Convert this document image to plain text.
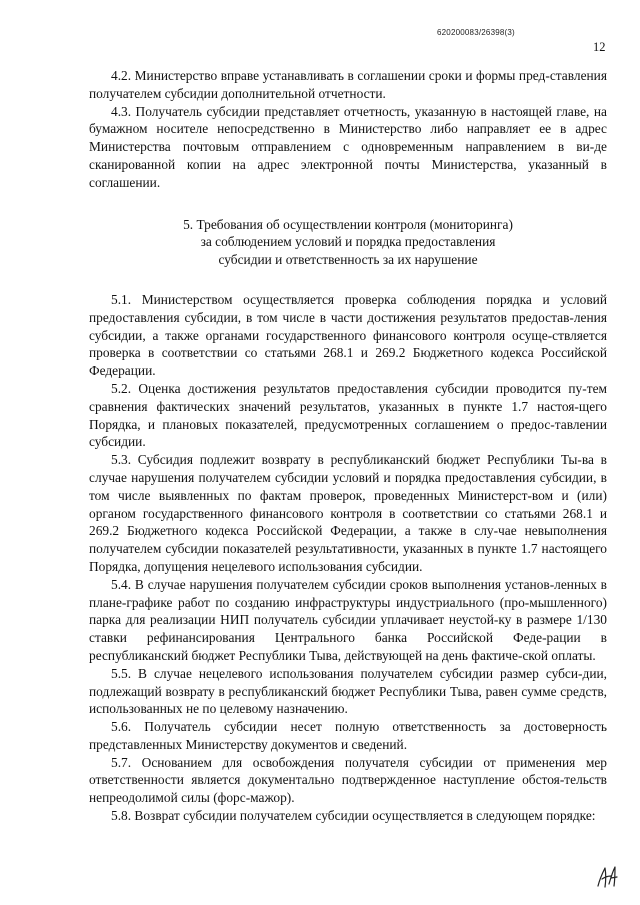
620200083/26398(3)
12

4.2. Министерство вправе устанавливать в соглашении сроки и формы пред-ставления получателем субсидии дополнительной отчетности.

4.3. Получатель субсидии представляет отчетность, указанную в настоящей главе, на бумажном носителе непосредственно в Министерство либо направляет ее в адрес Министерства почтовым отправлением с одновременным направлением в ви-де сканированной копии на адрес электронной почты Министерства, указанный в соглашении.

5. Требования об осуществлении контроля (мониторинга)
за соблюдением условий и порядка предоставления
субсидии и ответственность за их нарушение

5.1. Министерством осуществляется проверка соблюдения порядка и условий предоставления субсидии, в том числе в части достижения результатов предостав-ления субсидии, а также органами государственного финансового контроля осуще-ствляется проверка в соответствии со статьями 268.1 и 269.2 Бюджетного кодекса Российской Федерации.

5.2. Оценка достижения результатов предоставления субсидии проводится пу-тем сравнения фактических значений результатов, указанных в пункте 1.7 настоя-щего Порядка, и плановых показателей, предусмотренных соглашением о предос-тавлении субсидии.

5.3. Субсидия подлежит возврату в республиканский бюджет Республики Ты-ва в случае нарушения получателем субсидии условий и порядка предоставления субсидии, в том числе выявленных по фактам проверок, проведенных Министерст-вом и (или) органом государственного финансового контроля в соответствии со статьями 268.1 и 269.2 Бюджетного кодекса Российской Федерации, а также в слу-чае невыполнения получателем субсидии показателей результативности, указанных в пункте 1.7 настоящего Порядка, допущения нецелевого использования субсидии.

5.4. В случае нарушения получателем субсидии сроков выполнения установ-ленных в плане-графике работ по созданию инфраструктуры индустриального (про-мышленного) парка для реализации НИП получатель субсидии уплачивает неустой-ку в размере 1/130 ставки рефинансирования Центрального банка Российской Феде-рации в республиканский бюджет Республики Тыва, действующей на день фактиче-ской оплаты.

5.5. В случае нецелевого использования получателем субсидии размер субси-дии, подлежащий возврату в республиканский бюджет Республики Тыва, равен сумме средств, использованных не по целевому назначению.

5.6. Получатель субсидии несет полную ответственность за достоверность представленных Министерству документов и сведений.

5.7. Основанием для освобождения получателя субсидии от применения мер ответственности является документально подтвержденное наступление обстоя-тельств непреодолимой силы (форс-мажор).

5.8. Возврат субсидии получателем субсидии осуществляется в следующем порядке:
